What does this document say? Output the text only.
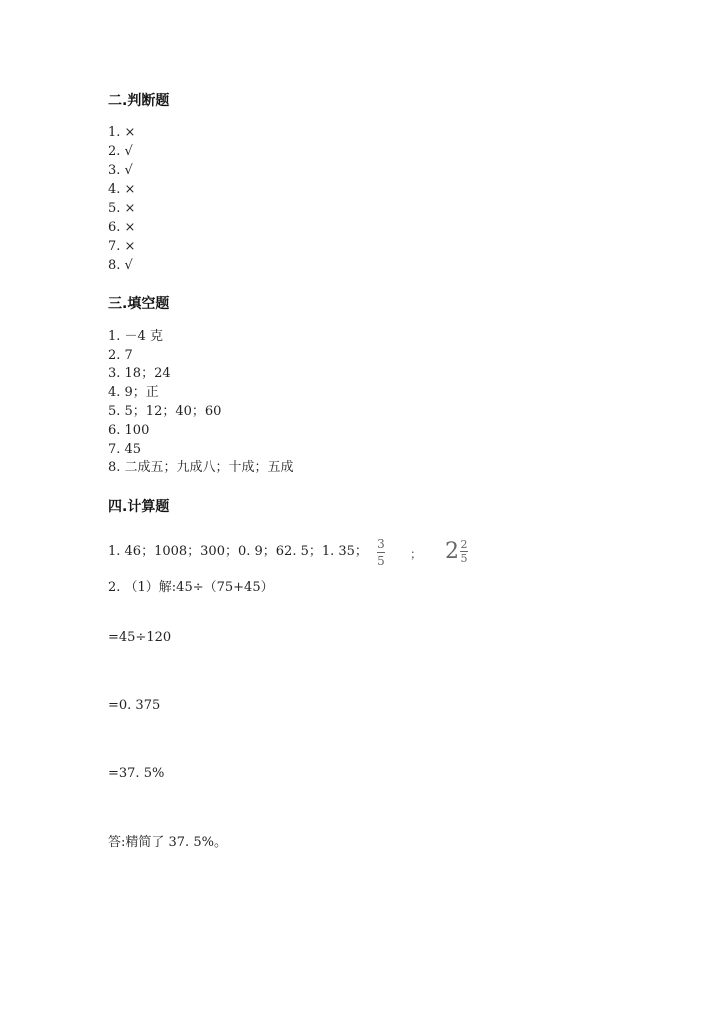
二.判断题
1. ×
2. √
3. √
4. ×
5. ×
6. ×
7. ×
8. √
三.填空题
1. －4 克
2. 7
3. 18；24
4. 9；正
5. 5；12；40；60
6. 100
7. 45
8. 二成五；九成八；十成；五成
四.计算题
1. 46；1008；300；0. 9；62. 5；1. 35； 3
5 ； 2 2
5
2. （1）解:45÷（75+45）
=45÷120
=0. 375
=37. 5%
答:精简了 37. 5%。
